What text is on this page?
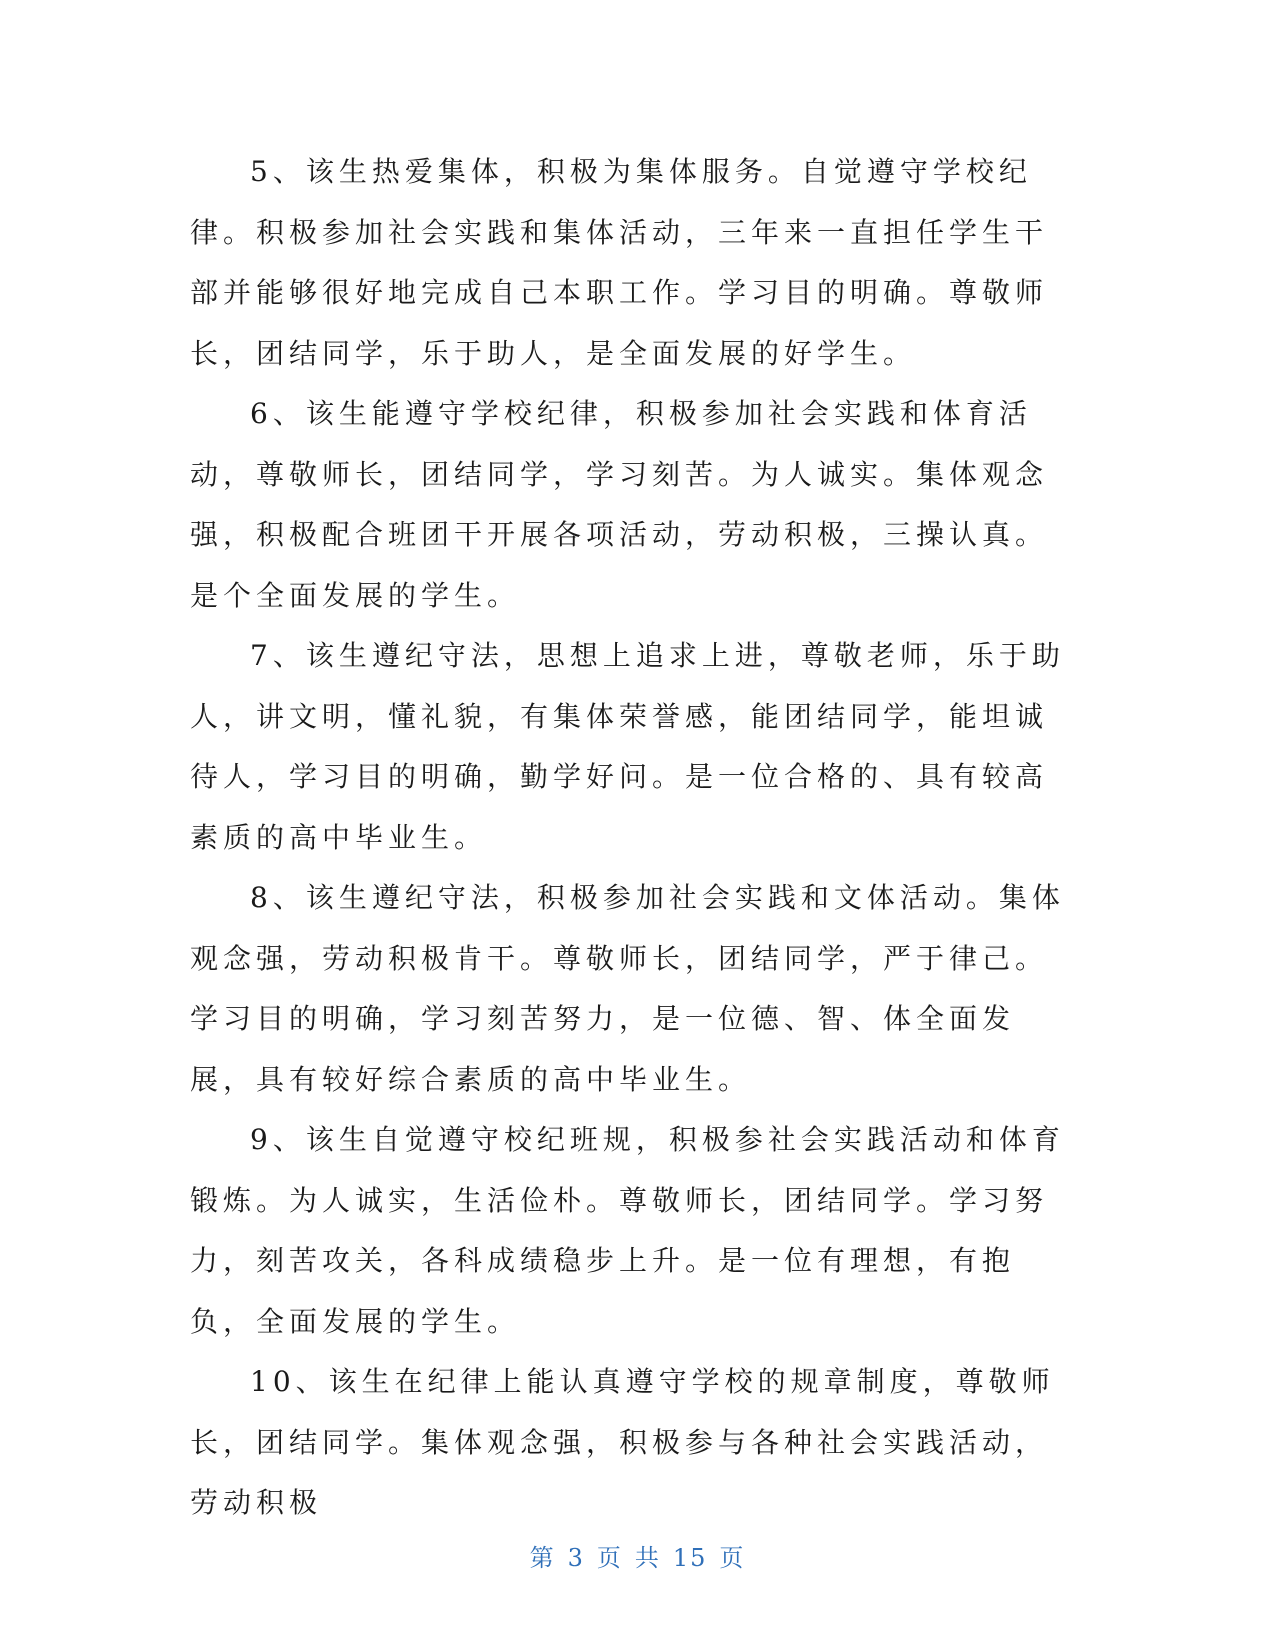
5、该生热爱集体，积极为集体服务。自觉遵守学校纪律。积极参加社会实践和集体活动，三年来一直担任学生干部并能够很好地完成自己本职工作。学习目的明确。尊敬师长，团结同学，乐于助人，是全面发展的好学生。

6、该生能遵守学校纪律，积极参加社会实践和体育活动，尊敬师长，团结同学，学习刻苦。为人诚实。集体观念强，积极配合班团干开展各项活动，劳动积极，三操认真。是个全面发展的学生。

7、该生遵纪守法，思想上追求上进，尊敬老师，乐于助人，讲文明，懂礼貌，有集体荣誉感，能团结同学，能坦诚待人，学习目的明确，勤学好问。是一位合格的、具有较高素质的高中毕业生。

8、该生遵纪守法，积极参加社会实践和文体活动。集体观念强，劳动积极肯干。尊敬师长，团结同学，严于律己。学习目的明确，学习刻苦努力，是一位德、智、体全面发展，具有较好综合素质的高中毕业生。

9、该生自觉遵守校纪班规，积极参社会实践活动和体育锻炼。为人诚实，生活俭朴。尊敬师长，团结同学。学习努力，刻苦攻关，各科成绩稳步上升。是一位有理想，有抱负，全面发展的学生。

10、该生在纪律上能认真遵守学校的规章制度，尊敬师长，团结同学。集体观念强，积极参与各种社会实践活动，劳动积极

第 3 页 共 15 页
